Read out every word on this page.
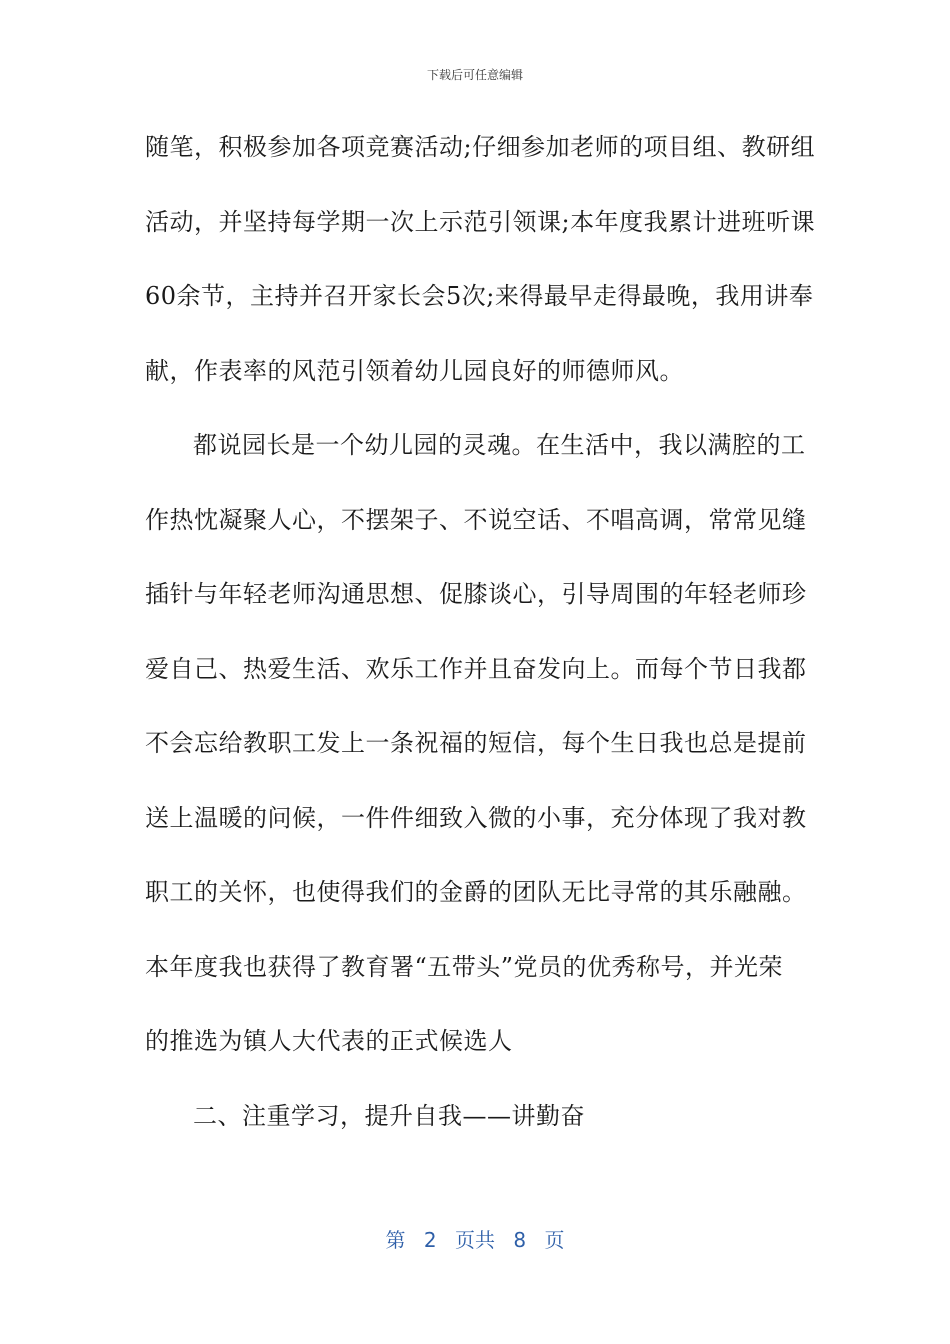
下载后可任意编辑
随笔，积极参加各项竞赛活动;仔细参加老师的项目组、教研组
活动，并坚持每学期一次上示范引领课;本年度我累计进班听课
60余节，主持并召开家长会5次;来得最早走得最晚，我用讲奉
献，作表率的风范引领着幼儿园良好的师德师风。
都说园长是一个幼儿园的灵魂。在生活中，我以满腔的工
作热忱凝聚人心，不摆架子、不说空话、不唱高调，常常见缝
插针与年轻老师沟通思想、促膝谈心，引导周围的年轻老师珍
爱自己、热爱生活、欢乐工作并且奋发向上。而每个节日我都
不会忘给教职工发上一条祝福的短信，每个生日我也总是提前
送上温暖的问候，一件件细致入微的小事，充分体现了我对教
职工的关怀，也使得我们的金爵的团队无比寻常的其乐融融。
本年度我也获得了教育署“五带头”党员的优秀称号，并光荣
的推选为镇人大代表的正式候选人
二、注重学习，提升自我——讲勤奋
第 2 页共 8 页
